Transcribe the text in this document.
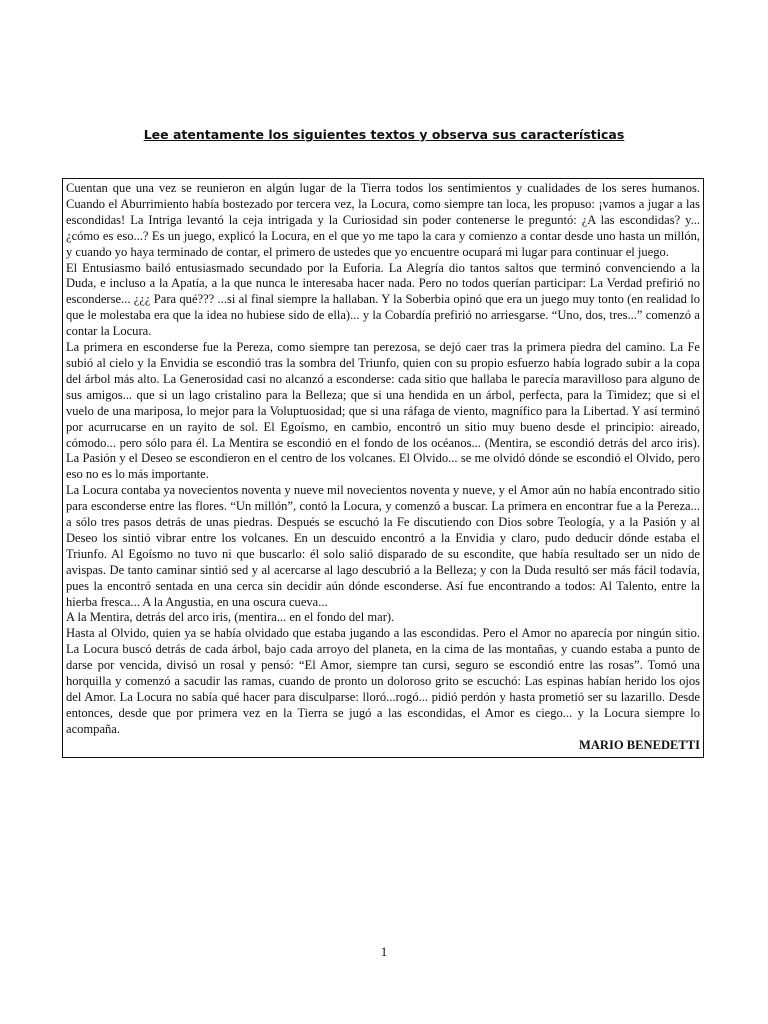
Lee atentamente los siguientes textos y observa sus características

Cuentan que una vez se reunieron en algún lugar de la Tierra todos los sentimientos y cualidades de los seres humanos. Cuando el Aburrimiento había bostezado por tercera vez, la Locura, como siempre tan loca, les propuso: ¡vamos a jugar a las escondidas! La Intriga levantó la ceja intrigada y la Curiosidad sin poder contenerse le preguntó: ¿A las escondidas? y... ¿cómo es eso...? Es un juego, explicó la Locura, en el que yo me tapo la cara y comienzo a contar desde uno hasta un millón, y cuando yo haya terminado de contar, el primero de ustedes que yo encuentre ocupará mi lugar para continuar el juego.

El Entusiasmo bailó entusiasmado secundado por la Euforia. La Alegría dio tantos saltos que terminó convenciendo a la Duda, e incluso a la Apatía, a la que nunca le interesaba hacer nada. Pero no todos querían participar: La Verdad prefirió no esconderse... ¿¿¿ Para qué??? ...si al final siempre la hallaban. Y la Soberbia opinó que era un juego muy tonto (en realidad lo que le molestaba era que la idea no hubiese sido de ella)... y la Cobardía prefirió no arriesgarse. “Uno, dos, tres...” comenzó a contar la Locura.

La primera en esconderse fue la Pereza, como siempre tan perezosa, se dejó caer tras la primera piedra del camino. La Fe subió al cielo y la Envidia se escondió tras la sombra del Triunfo, quien con su propio esfuerzo había logrado subir a la copa del árbol más alto. La Generosidad casi no alcanzó a esconderse: cada sitio que hallaba le parecía maravilloso para alguno de sus amigos... que si un lago cristalino para la Belleza; que si una hendida en un árbol, perfecta, para la Timidez; que si el vuelo de una mariposa, lo mejor para la Voluptuosidad; que si una ráfaga de viento, magnífico para la Libertad. Y así terminó por acurrucarse en un rayito de sol. El Egoísmo, en cambio, encontró un sitio muy bueno desde el principio: aireado, cómodo... pero sólo para él. La Mentira se escondió en el fondo de los océanos... (Mentira, se escondió detrás del arco iris). La Pasión y el Deseo se escondieron en el centro de los volcanes. El Olvido... se me olvidó dónde se escondió el Olvido, pero eso no es lo más importante.

La Locura contaba ya novecientos noventa y nueve mil novecientos noventa y nueve, y el Amor aún no había encontrado sitio para esconderse entre las flores. “Un millón”, contó la Locura, y comenzó a buscar. La primera en encontrar fue a la Pereza... a sólo tres pasos detrás de unas piedras. Después se escuchó la Fe discutiendo con Dios sobre Teología, y a la Pasión y al Deseo los sintió vibrar entre los volcanes. En un descuido encontró a la Envidia y claro, pudo deducir dónde estaba el Triunfo. Al Egoísmo no tuvo ni que buscarlo: él solo salió disparado de su escondite, que había resultado ser un nido de avispas. De tanto caminar sintió sed y al acercarse al lago descubrió a la Belleza; y con la Duda resultó ser más fácil todavía, pues la encontró sentada en una cerca sin decidir aún dónde esconderse. Así fue encontrando a todos: Al Talento, entre la hierba fresca... A la Angustia, en una oscura cueva...

A la Mentira, detrás del arco iris, (mentira... en el fondo del mar).

Hasta al Olvido, quien ya se había olvidado que estaba jugando a las escondidas. Pero el Amor no aparecía por ningún sitio. La Locura buscó detrás de cada árbol, bajo cada arroyo del planeta, en la cima de las montañas, y cuando estaba a punto de darse por vencida, divisó un rosal y pensó: “El Amor, siempre tan cursi, seguro se escondió entre las rosas”. Tomó una horquilla y comenzó a sacudir las ramas, cuando de pronto un doloroso grito se escuchó: Las espinas habían herido los ojos del Amor. La Locura no sabía qué hacer para disculparse: lloró...rogó... pidió perdón y hasta prometió ser su lazarillo. Desde entonces, desde que por primera vez en la Tierra se jugó a las escondidas, el Amor es ciego... y la Locura siempre lo acompaña.

MARIO BENEDETTI

1
